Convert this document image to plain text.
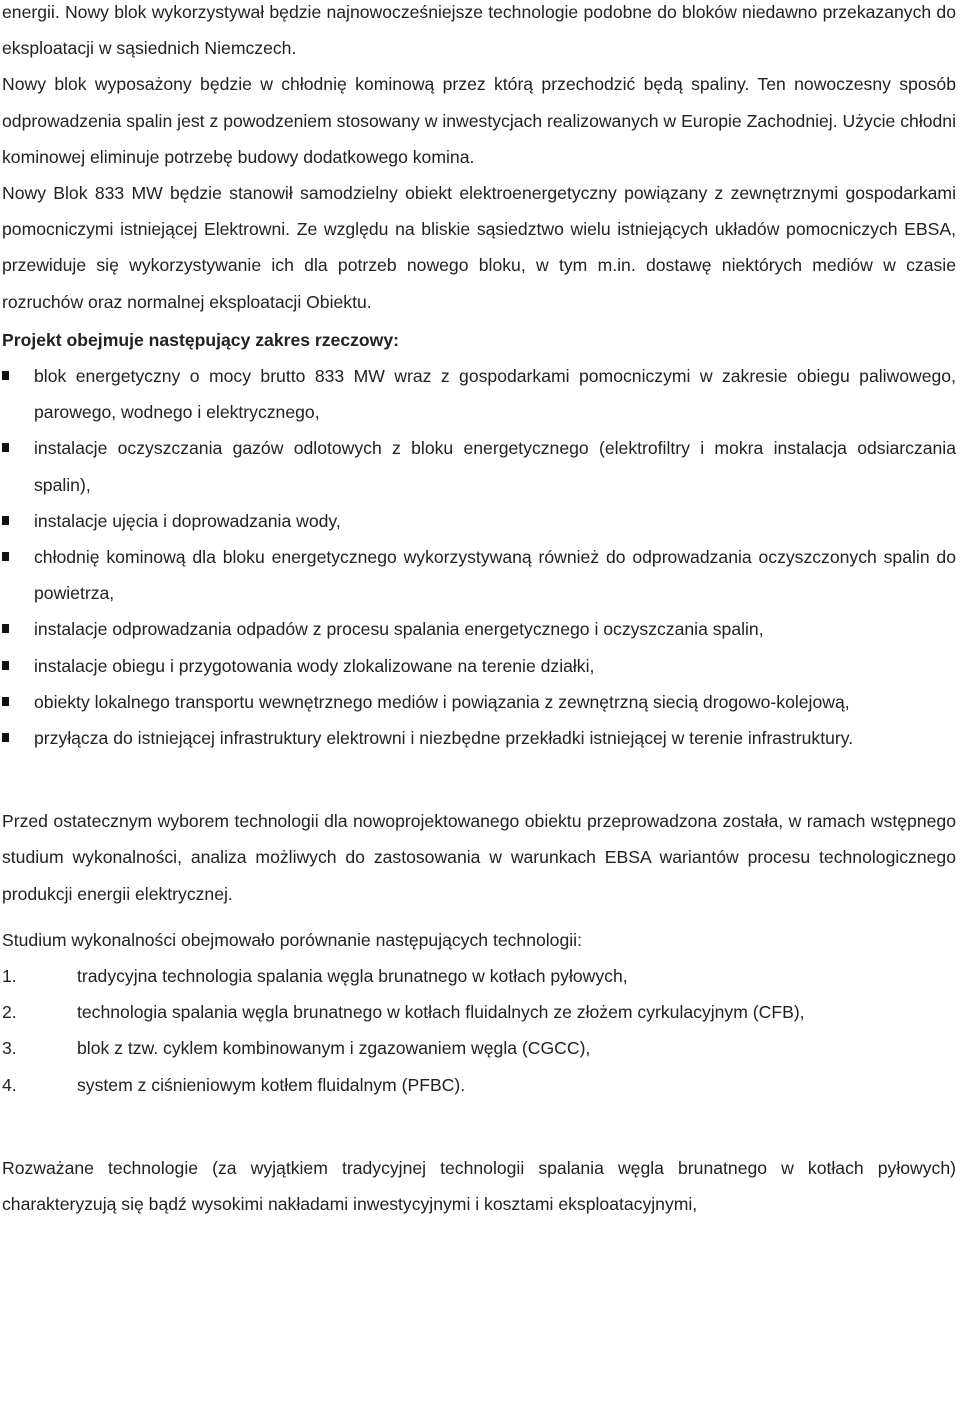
energii. Nowy blok wykorzystywał będzie najnowocześniejsze technologie podobne do bloków niedawno przekazanych do eksploatacji w sąsiednich Niemczech.

Nowy blok wyposażony będzie w chłodnię kominową przez którą przechodzić będą spaliny. Ten nowoczesny sposób odprowadzenia spalin jest z powodzeniem stosowany w inwestycjach realizowanych w Europie Zachodniej. Użycie chłodni kominowej eliminuje potrzebę budowy dodatkowego komina.

Nowy Blok 833 MW będzie stanowił samodzielny obiekt elektroenergetyczny powiązany z zewnętrznymi gospodarkami pomocniczymi istniejącej Elektrowni. Ze względu na bliskie sąsiedztwo wielu istniejących układów pomocniczych EBSA, przewiduje się wykorzystywanie ich dla potrzeb nowego bloku, w tym m.in. dostawę niektórych mediów w czasie rozruchów oraz normalnej eksploatacji Obiektu.

Projekt obejmuje następujący zakres rzeczowy:

blok energetyczny o mocy brutto 833 MW wraz z gospodarkami pomocniczymi w zakresie obiegu paliwowego, parowego, wodnego i elektrycznego,
instalacje oczyszczania gazów odlotowych z bloku energetycznego (elektrofiltry i mokra instalacja odsiarczania spalin),
instalacje ujęcia i doprowadzania wody,
chłodnię kominową dla bloku energetycznego wykorzystywaną również do odprowadzania oczyszczonych spalin do powietrza,
instalacje odprowadzania odpadów z procesu spalania energetycznego i oczyszczania spalin,
instalacje obiegu i przygotowania wody zlokalizowane na terenie działki,
obiekty lokalnego transportu wewnętrznego mediów i powiązania z zewnętrzną siecią drogowo-kolejową,
przyłącza do istniejącej infrastruktury elektrowni i niezbędne przekładki istniejącej w terenie infrastruktury.

Przed ostatecznym wyborem technologii dla nowoprojektowanego obiektu przeprowadzona została, w ramach wstępnego studium wykonalności, analiza możliwych do zastosowania w warunkach EBSA wariantów procesu technologicznego produkcji energii elektrycznej.

Studium wykonalności obejmowało porównanie następujących technologii:

1.	tradycyjna technologia spalania węgla brunatnego w kotłach pyłowych,
2.	technologia spalania węgla brunatnego w kotłach fluidalnych ze złożem cyrkulacyjnym (CFB),
3.	blok z tzw. cyklem kombinowanym i zgazowaniem węgla (CGCC),
4.	system z ciśnieniowym kotłem fluidalnym (PFBC).

Rozważane technologie (za wyjątkiem tradycyjnej technologii spalania węgla brunatnego w kotłach pyłowych) charakteryzują się bądź wysokimi nakładami inwestycyjnymi i kosztami eksploatacyjnymi,
